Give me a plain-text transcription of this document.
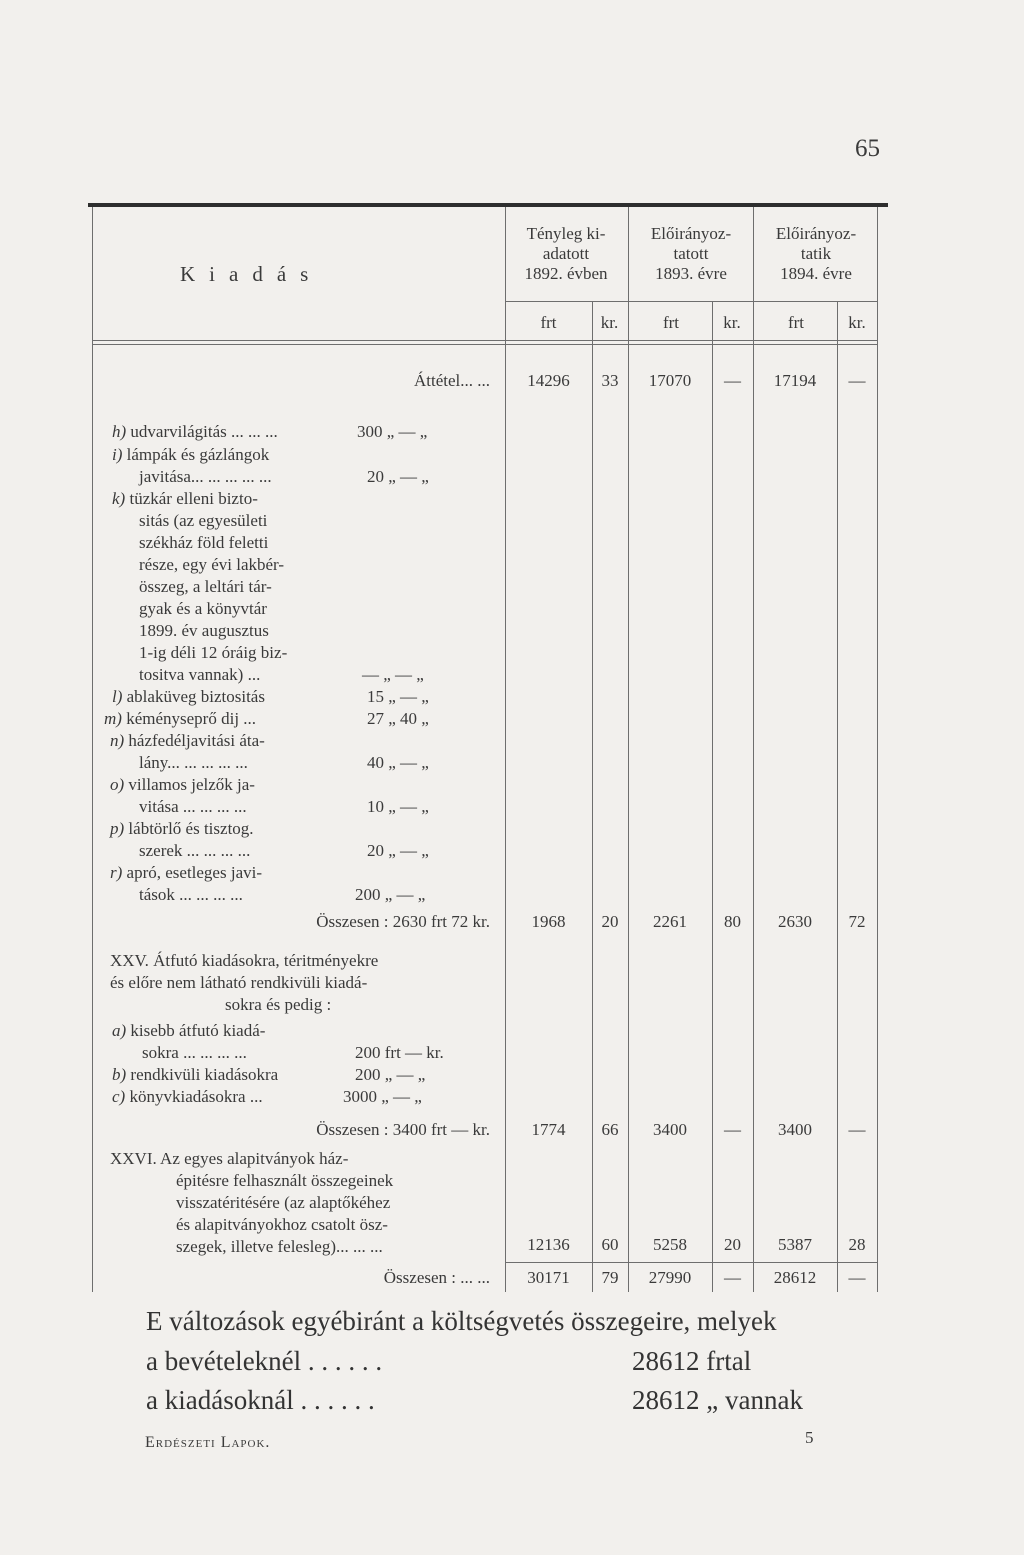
65
Kiadás
Tényleg ki-
adatott
1892. évben
Előirányoz-
tatott
1893. évre
Előirányoz-
tatik
1894. évre
frt	kr.	frt	kr.	frt	kr.
Áttétel... ...	14296	33	17070	—	17194	—
h) udvarvilágitás ... ... ...	300 „ — „
i) lámpák és gázlángok
javitása... ... ... ... ...	20 „ — „
k) tüzkár elleni bizto-
sitás (az egyesületi
székház föld feletti
része, egy évi lakbér-
összeg, a leltári tár-
gyak és a könyvtár
1899. év augusztus
1-ig déli 12 óráig biz-
tositva vannak) ...	— „ — „
l) ablaküveg biztositás	15 „ — „
m) kéményseprő dij ...	27 „ 40 „
n) házfedéljavitási áta-
lány... ... ... ... ...	40 „ — „
o) villamos jelzők ja-
vitása ... ... ... ...	10 „ — „
p) lábtörlő és tisztog.
szerek ... ... ... ...	20 „ — „
r) apró, esetleges javi-
tások ... ... ... ...	200 „ — „
Összesen : 2630 frt 72 kr.	1968	20	2261	80	2630	72
XXV. Átfutó kiadásokra, téritményekre
és előre nem látható rendkivüli kiadá-
sokra és pedig :
a) kisebb átfutó kiadá-
sokra ... ... ... ...	200 frt — kr.
b) rendkivüli kiadásokra	200 „ — „
c) könyvkiadásokra ...	3000 „ — „
Összesen : 3400 frt — kr.	1774	66	3400	—	3400	—
XXVI. Az egyes alapitványok ház-
épitésre felhasznált összegeinek
visszatéritésére (az alaptőkéhez
és alapitványokhoz csatolt ösz-
szegek, illetve felesleg)... ... ...	12136	60	5258	20	5387	28
Összesen : ... ...	30171	79	27990	—	28612	—
E változások egyébiránt a költségvetés összegeire, melyek
a bevételeknél . . . . . .	28612 frtal
a kiadásoknál . . . . . .	28612 „ vannak
Erdészeti Lapok.	5
